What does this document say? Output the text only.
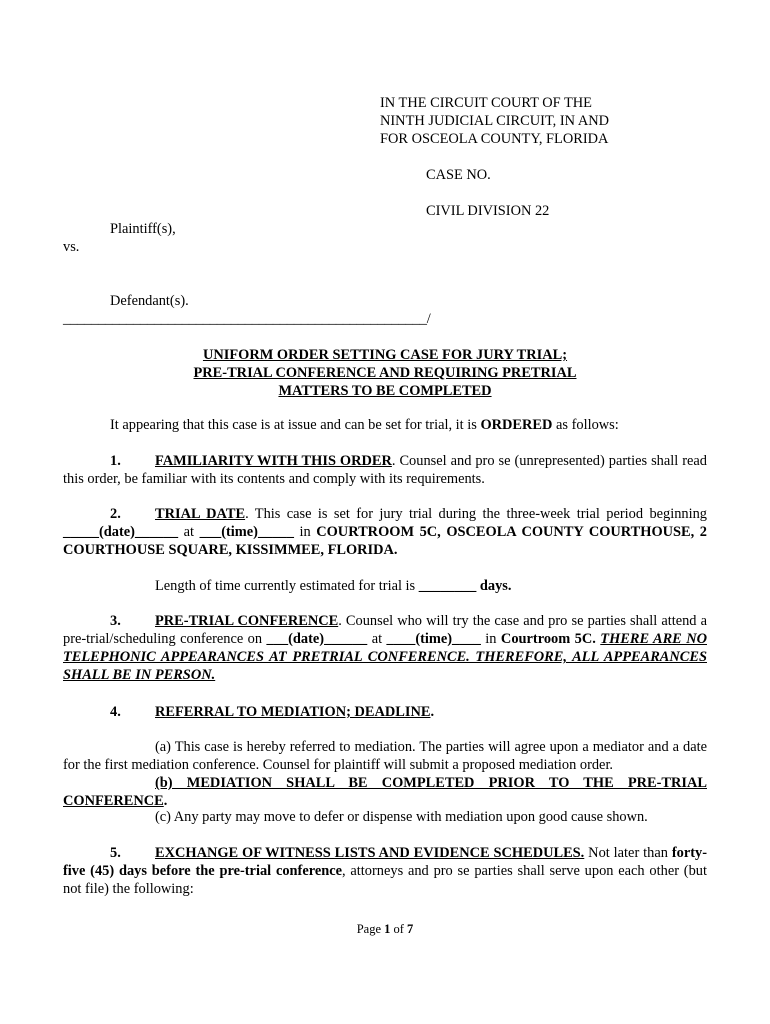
IN THE CIRCUIT COURT OF THE
NINTH JUDICIAL CIRCUIT, IN AND
FOR OSCEOLA COUNTY, FLORIDA
CASE NO.
CIVIL DIVISION 22
Plaintiff(s),
vs.
Defendant(s).
____________________________________________________/
UNIFORM ORDER SETTING CASE FOR JURY TRIAL;
PRE-TRIAL CONFERENCE AND REQUIRING PRETRIAL
MATTERS TO BE COMPLETED
It appearing that this case is at issue and can be set for trial, it is ORDERED as follows:
1. FAMILIARITY WITH THIS ORDER. Counsel and pro se (unrepresented) parties shall read this order, be familiar with its contents and comply with its requirements.
2. TRIAL DATE. This case is set for jury trial during the three-week trial period beginning _____(date)______ at ___(time)_____ in COURTROOM 5C, OSCEOLA COUNTY COURTHOUSE, 2 COURTHOUSE SQUARE, KISSIMMEE, FLORIDA.
Length of time currently estimated for trial is ________ days.
3. PRE-TRIAL CONFERENCE. Counsel who will try the case and pro se parties shall attend a pre-trial/scheduling conference on ___(date)______ at ____(time)____ in Courtroom 5C. THERE ARE NO TELEPHONIC APPEARANCES AT PRETRIAL CONFERENCE. THEREFORE, ALL APPEARANCES SHALL BE IN PERSON.
4. REFERRAL TO MEDIATION; DEADLINE.
(a) This case is hereby referred to mediation. The parties will agree upon a mediator and a date for the first mediation conference. Counsel for plaintiff will submit a proposed mediation order.
(b) MEDIATION SHALL BE COMPLETED PRIOR TO THE PRE-TRIAL CONFERENCE.
(c) Any party may move to defer or dispense with mediation upon good cause shown.
5. EXCHANGE OF WITNESS LISTS AND EVIDENCE SCHEDULES. Not later than forty-five (45) days before the pre-trial conference, attorneys and pro se parties shall serve upon each other (but not file) the following:
Page 1 of 7
